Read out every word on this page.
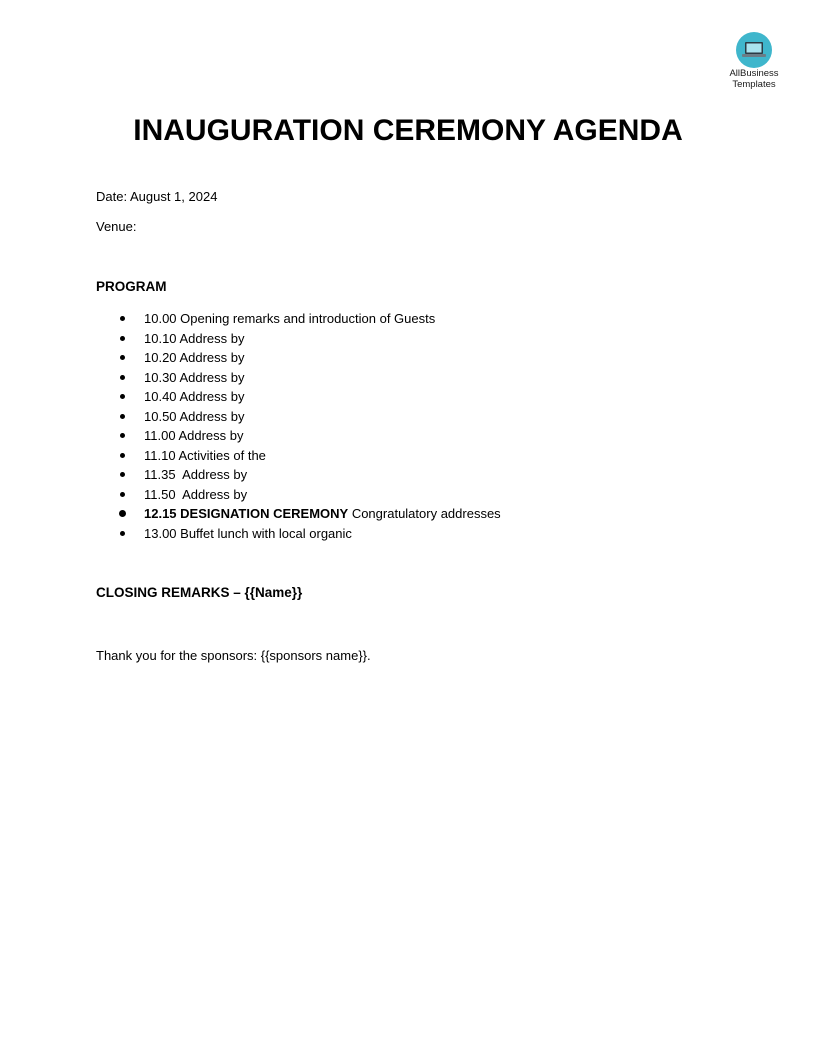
AllBusiness
Templates
INAUGURATION CEREMONY AGENDA
Date: August 1, 2024
Venue:
PROGRAM
10.00 Opening remarks and introduction of Guests
10.10 Address by
10.20 Address by
10.30 Address by
10.40 Address by
10.50 Address by
11.00 Address by
11.10 Activities of the
11.35  Address by
11.50  Address by
12.15 DESIGNATION CEREMONY Congratulatory addresses
13.00 Buffet lunch with local organic
CLOSING REMARKS – {{Name}}
Thank you for the sponsors: {{sponsors name}}.
